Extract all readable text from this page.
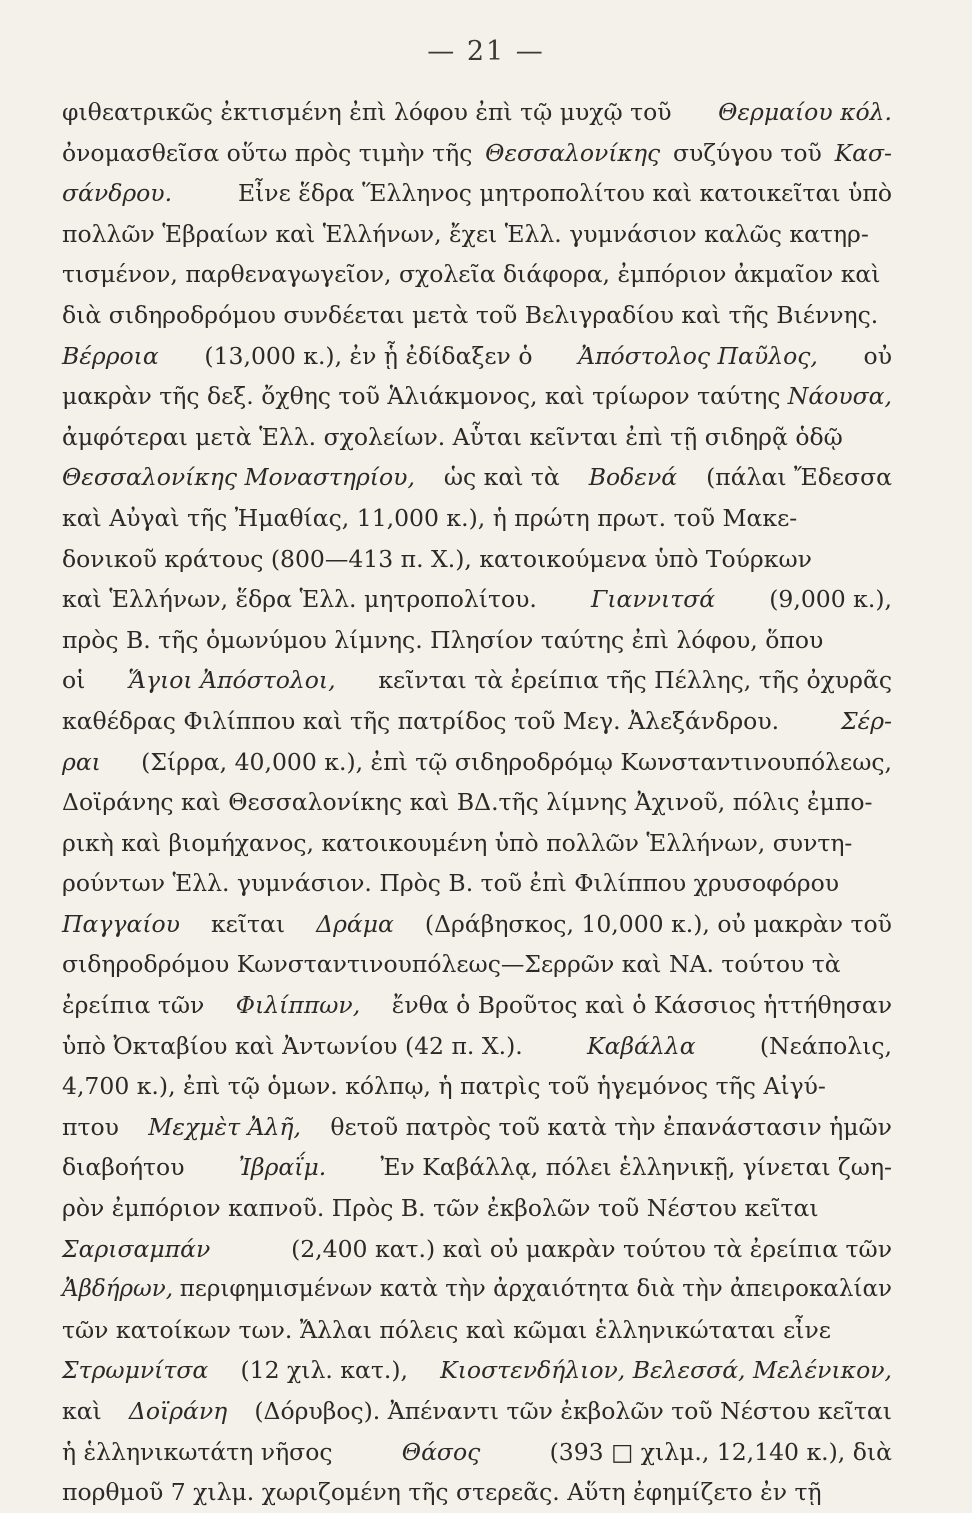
— 21 —
φιθεατρικῶς ἐκτισμένη ἐπὶ λόφου ἐπὶ τῷ μυχῷ τοῦ Θερμαίου κόλ.
ὀνομασθεῖσα οὕτω πρὸς τιμὴν τῆς Θεσσαλονίκης συζύγου τοῦ Κασ-
σάνδρου.	Εἶνε ἕδρα Ἕλληνος μητροπολίτου καὶ κατοικεῖται ὑπὸ
πολλῶν Ἑβραίων καὶ Ἑλλήνων, ἔχει Ἑλλ. γυμνάσιον καλῶς κατηρ-
τισμένον, παρθεναγωγεῖον, σχολεῖα διάφορα, ἐμπόριον ἀκμαῖον καὶ
διὰ σιδηροδρόμου συνδέεται μετὰ τοῦ Βελιγραδίου καὶ τῆς Βιέννης.
Βέρροια (13,000 κ.), ἐν ᾗ ἐδίδαξεν ὁ Ἀπόστολος Παῦλος, οὐ
μακρὰν τῆς δεξ. ὄχθης τοῦ Ἁλιάκμονος, καὶ τρίωρον ταύτης Νάουσα,
ἀμφότεραι μετὰ Ἑλλ. σχολείων. Αὗται κεῖνται ἐπὶ τῇ σιδηρᾷ ὁδῷ
Θεσσαλονίκης Μοναστηρίου, ὡς καὶ τὰ Βοδενά (πάλαι Ἔδεσσα
καὶ Αὐγαὶ τῆς Ἠμαθίας, 11,000 κ.), ἡ πρώτη πρωτ. τοῦ Μακε-
δονικοῦ κράτους (800—413 π. Χ.), κατοικούμενα ὑπὸ Τούρκων
καὶ Ἑλλήνων, ἕδρα Ἑλλ. μητροπολίτου. Γιαννιτσά (9,000 κ.),
πρὸς Β. τῆς ὁμωνύμου λίμνης. Πλησίον ταύτης ἐπὶ λόφου, ὅπου
οἱ Ἅγιοι Ἀπόστολοι, κεῖνται τὰ ἐρείπια τῆς Πέλλης, τῆς ὀχυρᾶς
καθέδρας Φιλίππου καὶ τῆς πατρίδος τοῦ Μεγ. Ἀλεξάνδρου.	Σέρ-
ραι (Σίρρα, 40,000 κ.), ἐπὶ τῷ σιδηροδρόμῳ Κωνσταντινουπόλεως,
Δοϊράνης καὶ Θεσσαλονίκης καὶ ΒΔ.τῆς λίμνης Ἀχινοῦ, πόλις ἐμπο-
ρικὴ καὶ βιομήχανος, κατοικουμένη ὑπὸ πολλῶν Ἑλλήνων, συντη-
ρούντων Ἑλλ. γυμνάσιον. Πρὸς Β. τοῦ ἐπὶ Φιλίππου χρυσοφόρου
Παγγαίου κεῖται Δράμα (Δράβησκος, 10,000 κ.), οὐ μακρὰν τοῦ
σιδηροδρόμου Κωνσταντινουπόλεως—Σερρῶν καὶ ΝΑ. τούτου τὰ
ἐρείπια τῶν Φιλίππων, ἔνθα ὁ Βροῦτος καὶ ὁ Κάσσιος ἡττήθησαν
ὑπὸ Ὀκταβίου καὶ Ἀντωνίου (42 π. Χ.).	Καβάλλα	(Νεάπολις,
4,700 κ.), ἐπὶ τῷ ὁμων. κόλπῳ, ἡ πατρὶς τοῦ ἡγεμόνος τῆς Αἰγύ-
πτου Μεχμὲτ Ἀλῆ, θετοῦ πατρὸς τοῦ κατὰ τὴν ἐπανάστασιν ἡμῶν
διαβοήτου Ἰβραΐμ. Ἐν Καβάλλᾳ, πόλει ἑλληνικῇ, γίνεται ζωη-
ρὸν ἐμπόριον καπνοῦ. Πρὸς Β. τῶν ἐκβολῶν τοῦ Νέστου κεῖται
Σαρισαμπάν	(2,400 κατ.) καὶ οὐ μακρὰν τούτου τὰ ἐρείπια τῶν
Ἀβδήρων, περιφημισμένων κατὰ τὴν ἀρχαιότητα διὰ τὴν ἀπειροκαλίαν
τῶν κατοίκων των. Ἄλλαι πόλεις καὶ κῶμαι ἑλληνικώταται εἶνε
Στρωμνίτσα (12 χιλ. κατ.), Κιοστενδήλιον, Βελεσσά, Μελένικον,
καὶ Δοϊράνη (Δόρυβος). Ἀπέναντι τῶν ἐκβολῶν τοῦ Νέστου κεῖται
ἡ ἑλληνικωτάτη νῆσος	Θάσος	(393 □ χιλμ., 12,140 κ.), διὰ
πορθμοῦ 7 χιλμ. χωριζομένη τῆς στερεᾶς. Αὕτη ἐφημίζετο ἐν τῇ
